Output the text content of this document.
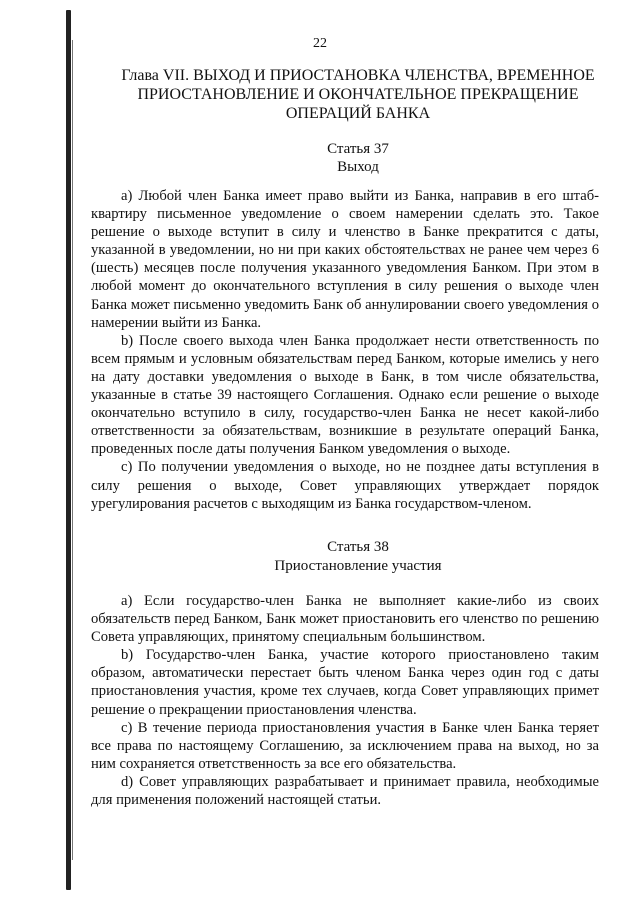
22
Глава VII. ВЫХОД И ПРИОСТАНОВКА ЧЛЕНСТВА, ВРЕМЕННОЕ ПРИОСТАНОВЛЕНИЕ И ОКОНЧАТЕЛЬНОЕ ПРЕКРАЩЕНИЕ ОПЕРАЦИЙ БАНКА
Статья 37
Выход

а) Любой член Банка имеет право выйти из Банка, направив в его штаб-квартиру письменное уведомление о своем намерении сделать это. Такое решение о выходе вступит в силу и членство в Банке прекратится с даты, указанной в уведомлении, но ни при каких обстоятельствах не ранее чем через 6 (шесть) месяцев после получения указанного уведомления Банком. При этом в любой момент до окончательного вступления в силу решения о выходе член Банка может письменно уведомить Банк об аннулировании своего уведомления о намерении выйти из Банка.

b) После своего выхода член Банка продолжает нести ответственность по всем прямым и условным обязательствам перед Банком, которые имелись у него на дату доставки уведомления о выходе в Банк, в том числе обязательства, указанные в статье 39 настоящего Соглашения. Однако если решение о выходе окончательно вступило в силу, государство-член Банка не несет какой-либо ответственности за обязательствам, возникшие в результате операций Банка, проведенных после даты получения Банком уведомления о выходе.

c) По получении уведомления о выходе, но не позднее даты вступления в силу решения о выходе, Совет управляющих утверждает порядок урегулирования расчетов с выходящим из Банка государством-членом.

Статья 38
Приостановление участия

а) Если государство-член Банка не выполняет какие-либо из своих обязательств перед Банком, Банк может приостановить его членство по решению Совета управляющих, принятому специальным большинством.

b) Государство-член Банка, участие которого приостановлено таким образом, автоматически перестает быть членом Банка через один год с даты приостановления участия, кроме тех случаев, когда Совет управляющих примет решение о прекращении приостановления членства.

c) В течение периода приостановления участия в Банке член Банка теряет все права по настоящему Соглашению, за исключением права на выход, но за ним сохраняется ответственность за все его обязательства.

d) Совет управляющих разрабатывает и принимает правила, необходимые для применения положений настоящей статьи.
